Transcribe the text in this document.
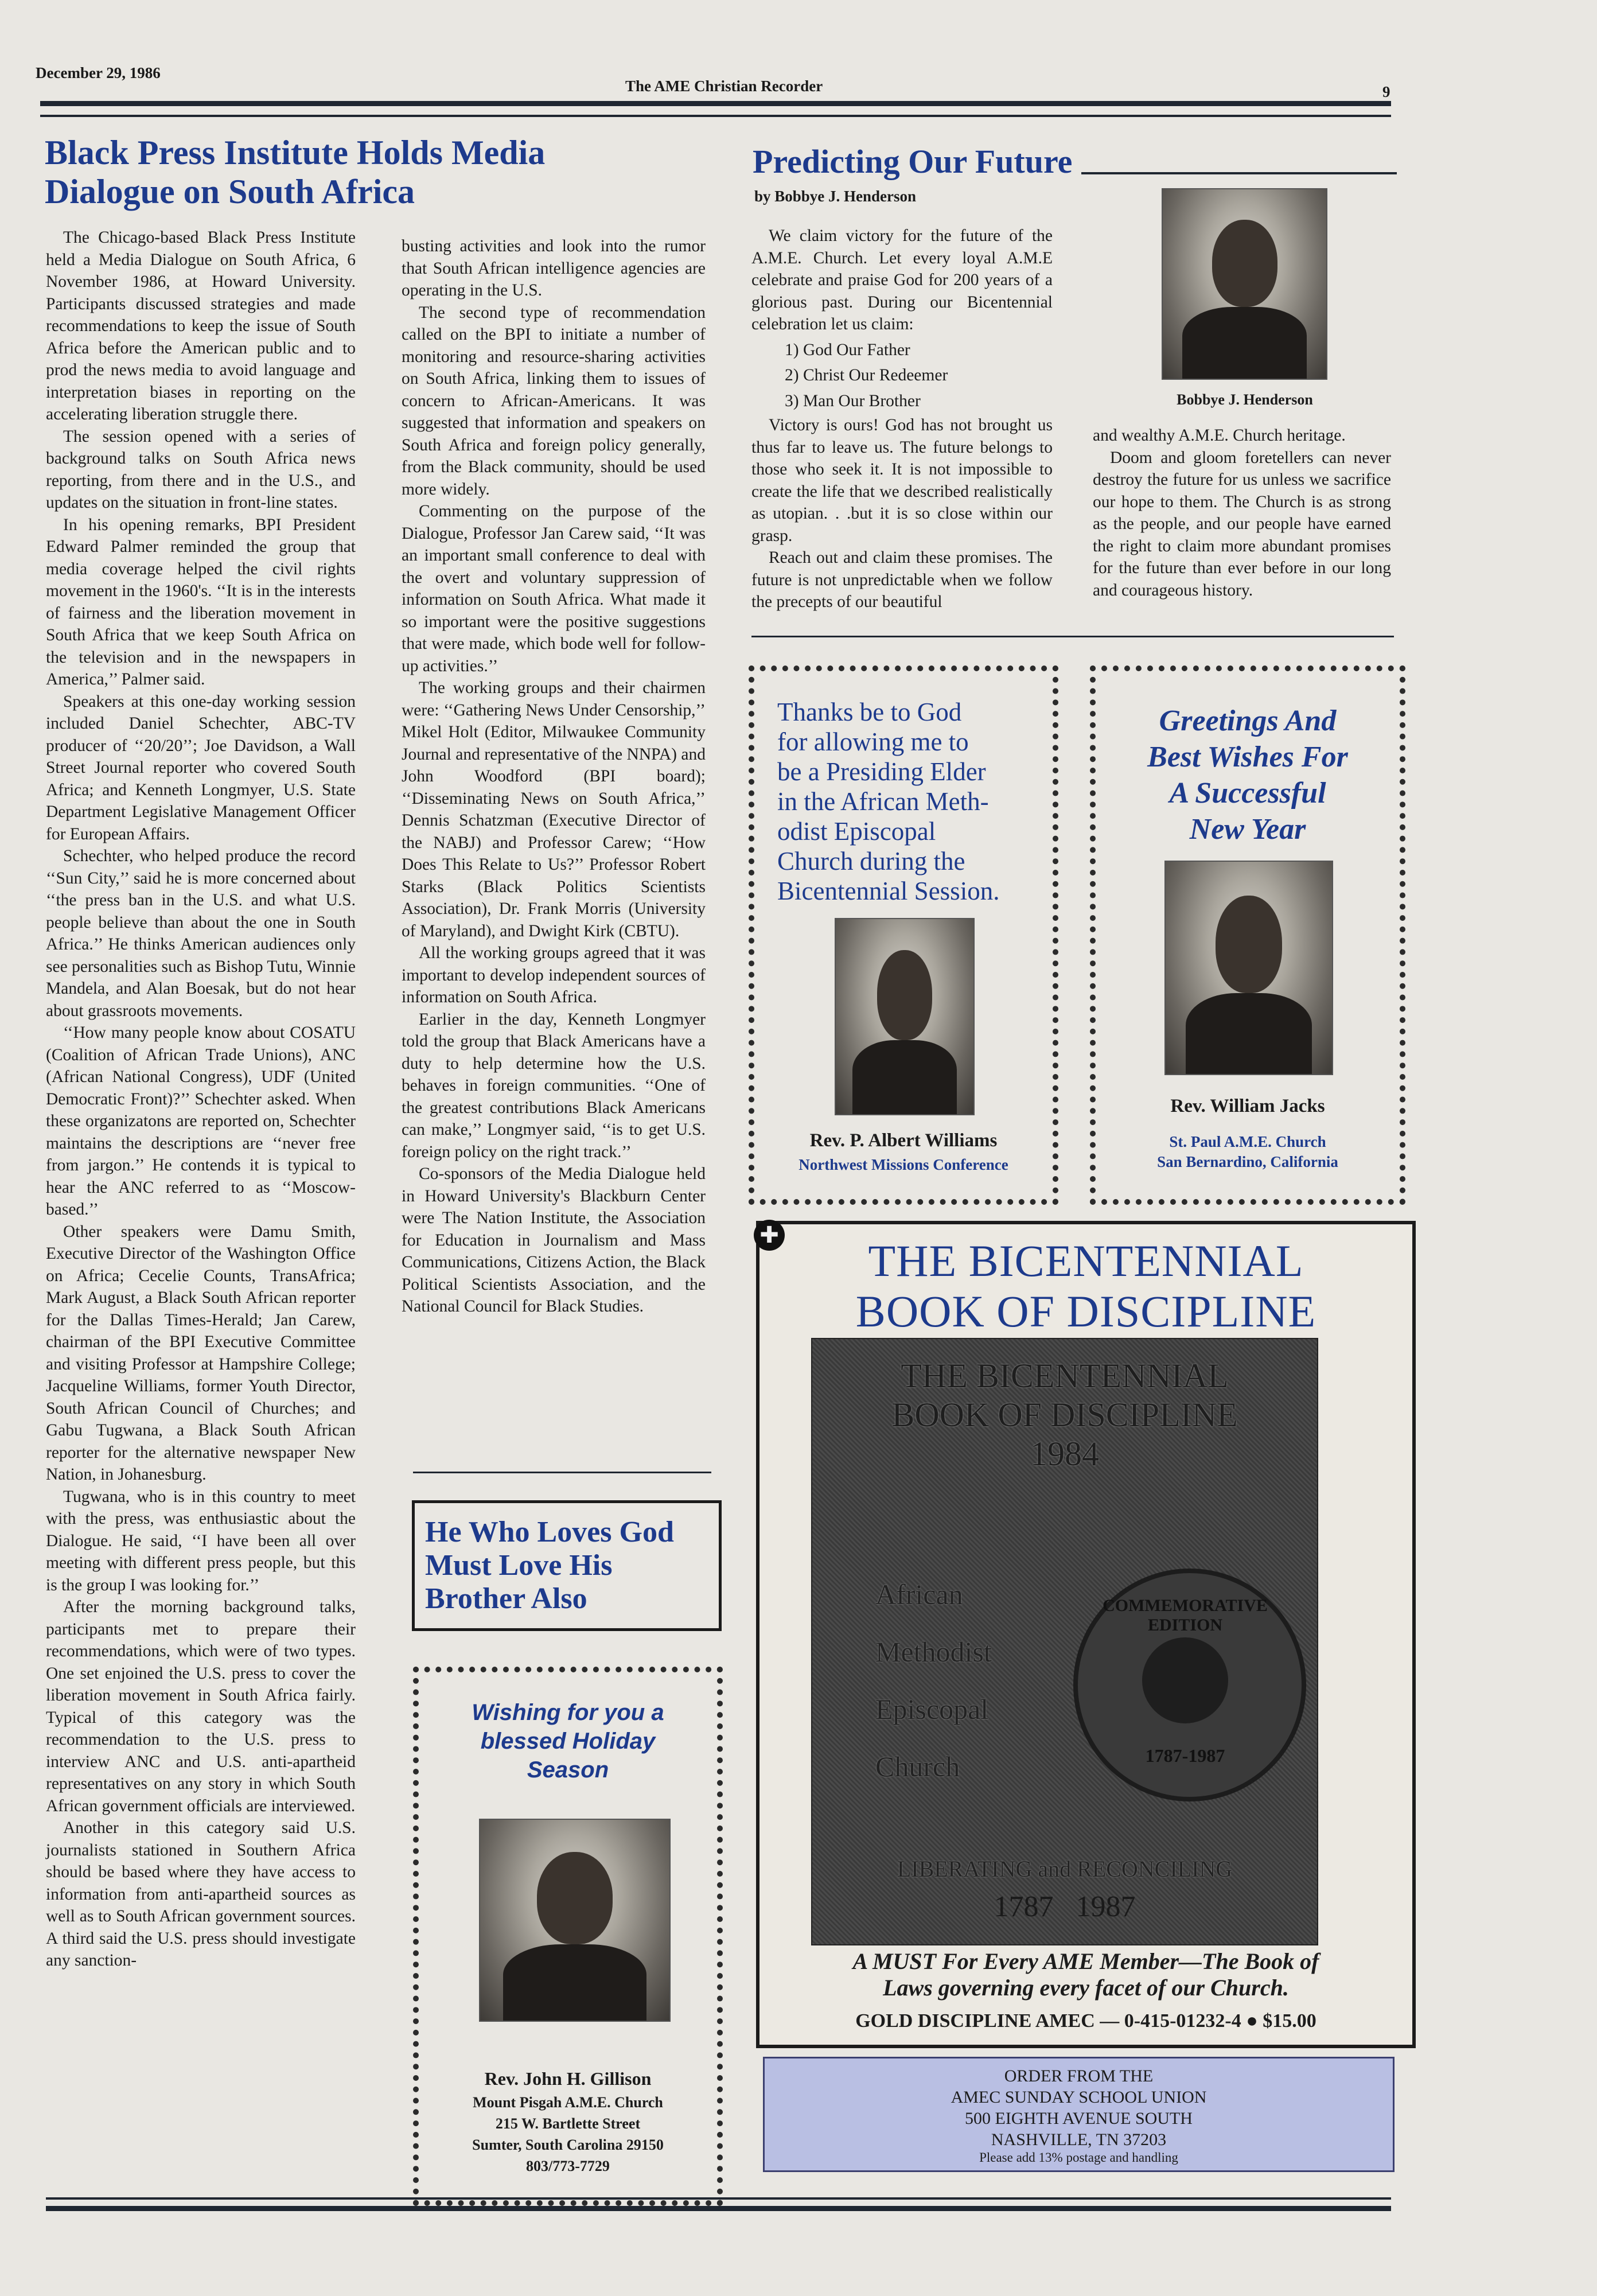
December 29, 1986
The AME Christian Recorder	9
Black Press Institute Holds Media
Dialogue on South Africa

The Chicago-based Black Press Institute held a Media Dialogue on South Africa, 6 November 1986, at Howard University. Participants discussed strategies and made recommendations to keep the issue of South Africa before the American public and to prod the news media to avoid language and interpretation biases in reporting on the accelerating liberation struggle there.

The session opened with a series of background talks on South Africa news reporting, from there and in the U.S., and updates on the situation in front-line states.

In his opening remarks, BPI President Edward Palmer reminded the group that media coverage helped the civil rights movement in the 1960's. ‘‘It is in the interests of fairness and the liberation movement in South Africa that we keep South Africa on the television and in the newspapers in America,’’ Palmer said.

Speakers at this one-day working session included Daniel Schechter, ABC-TV producer of ‘‘20/20’’; Joe Davidson, a Wall Street Journal reporter who covered South Africa; and Kenneth Longmyer, U.S. State Department Legislative Management Officer for European Affairs.

Schechter, who helped produce the record ‘‘Sun City,’’ said he is more concerned about ‘‘the press ban in the U.S. and what U.S. people believe than about the one in South Africa.’’ He thinks American audiences only see personalities such as Bishop Tutu, Winnie Mandela, and Alan Boesak, but do not hear about grassroots movements.

‘‘How many people know about COSATU (Coalition of African Trade Unions), ANC (African National Congress), UDF (United Democratic Front)?’’ Schechter asked. When these organizatons are reported on, Schechter maintains the descriptions are ‘‘never free from jargon.’’ He contends it is typical to hear the ANC referred to as ‘‘Moscow-based.’’

Other speakers were Damu Smith, Executive Director of the Washington Office on Africa; Cecelie Counts, TransAfrica; Mark August, a Black South African reporter for the Dallas Times-Herald; Jan Carew, chairman of the BPI Executive Committee and visiting Professor at Hampshire College; Jacqueline Williams, former Youth Director, South African Council of Churches; and Gabu Tugwana, a Black South African reporter for the alternative newspaper New Nation, in Johanesburg.

Tugwana, who is in this country to meet with the press, was enthusiastic about the Dialogue. He said, ‘‘I have been all over meeting with different press people, but this is the group I was looking for.’’

After the morning background talks, participants met to prepare their recommendations, which were of two types. One set enjoined the U.S. press to cover the liberation movement in South Africa fairly. Typical of this category was the recommendation to the U.S. press to interview ANC and U.S. anti-apartheid representatives on any story in which South African government officials are interviewed.

Another in this category said U.S. journalists stationed in Southern Africa should be based where they have access to information from anti-apartheid sources as well as to South African government sources. A third said the U.S. press should investigate any sanction-

busting activities and look into the rumor that South African intelligence agencies are operating in the U.S.

The second type of recommendation called on the BPI to initiate a number of monitoring and resource-sharing activities on South Africa, linking them to issues of concern to African-Americans. It was suggested that information and speakers on South Africa and foreign policy generally, from the Black community, should be used more widely.

Commenting on the purpose of the Dialogue, Professor Jan Carew said, ‘‘It was an important small conference to deal with the overt and voluntary suppression of information on South Africa. What made it so important were the positive suggestions that were made, which bode well for follow-up activities.’’

The working groups and their chairmen were: ‘‘Gathering News Under Censorship,’’ Mikel Holt (Editor, Milwaukee Community Journal and representative of the NNPA) and John Woodford (BPI board); ‘‘Disseminating News on South Africa,’’ Dennis Schatzman (Executive Director of the NABJ) and Professor Carew; ‘‘How Does This Relate to Us?’’ Professor Robert Starks (Black Politics Scientists Association), Dr. Frank Morris (University of Maryland), and Dwight Kirk (CBTU).

All the working groups agreed that it was important to develop independent sources of information on South Africa.

Earlier in the day, Kenneth Longmyer told the group that Black Americans have a duty to help determine how the U.S. behaves in foreign communities. ‘‘One of the greatest contributions Black Americans can make,’’ Longmyer said, ‘‘is to get U.S. foreign policy on the right track.’’

Co-sponsors of the Media Dialogue held in Howard University's Blackburn Center were The Nation Institute, the Association for Education in Journalism and Mass Communications, Citizens Action, the Black Political Scientists Association, and the National Council for Black Studies.

He Who Loves God
Must Love His
Brother Also
Wishing for you a
blessed Holiday
Season
Rev. John H. Gillison
Mount Pisgah A.M.E. Church
215 W. Bartlette Street
Sumter, South Carolina 29150
803/773-7729
Predicting Our Future
by Bobbye J. Henderson

We claim victory for the future of the A.M.E. Church. Let every loyal A.M.E celebrate and praise God for 200 years of a glorious past. During our Bicentennial celebration let us claim:

1) God Our Father
2) Christ Our Redeemer
3) Man Our Brother

Victory is ours! God has not brought us thus far to leave us. The future belongs to those who seek it. It is not impossible to create the life that we described realistically as utopian. . .but it is so close within our grasp.

Reach out and claim these promises. The future is not unpredictable when we follow the precepts of our beautiful

Bobbye J. Henderson

and wealthy A.M.E. Church heritage.

Doom and gloom foretellers can never destroy the future for us unless we sacrifice our hope to them. The Church is as strong as the people, and our people have earned the right to claim more abundant promises for the future than ever before in our long and courageous history.

Thanks be to God
for allowing me to
be a Presiding Elder
in the African Meth-
odist Episcopal
Church during the
Bicentennial Session.
Rev. P. Albert Williams
Northwest Missions Conference
Greetings And
Best Wishes For
A Successful
New Year
Rev. William Jacks
St. Paul A.M.E. Church
San Bernardino, California
✚
THE BICENTENNIAL
BOOK OF DISCIPLINE
THE BICENTENNIAL
BOOK OF DISCIPLINE
1984
African
Methodist
Episcopal
Church
COMMEMORATIVE EDITION
1787-1987
LIBERATING and RECONCILING
1787   1987
A MUST For Every AME Member—The Book of
Laws governing every facet of our Church.
GOLD DISCIPLINE AMEC — 0-415-01232-4 ● $15.00
ORDER FROM THE
AMEC SUNDAY SCHOOL UNION
500 EIGHTH AVENUE SOUTH
NASHVILLE, TN 37203
Please add 13% postage and handling
